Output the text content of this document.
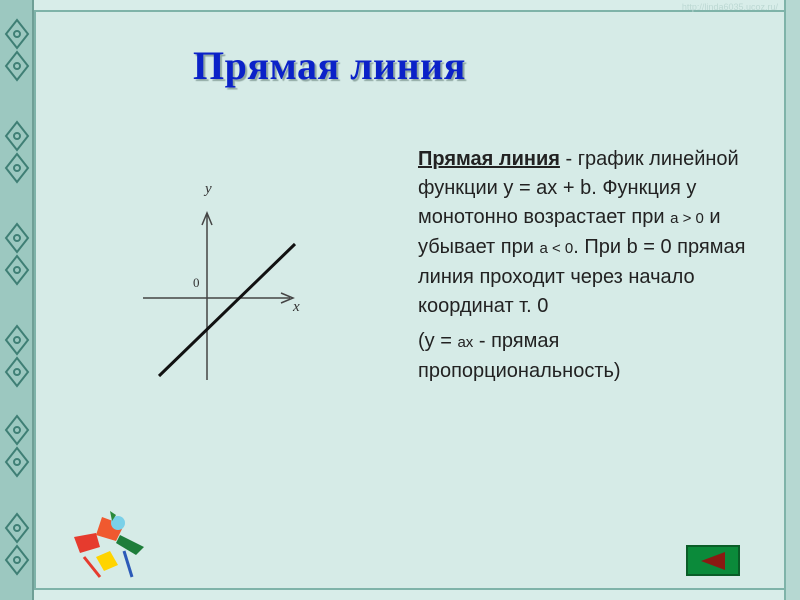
http://linda6035.ucoz.ru/
Прямая линия
y
x
0

Прямая линия - график линейной функции y = ax + b. Функция у монотонно возрастает при a > 0 и убывает при a < 0. При b = 0 прямая линия проходит через начало координат т. 0

(у = ax - прямая пропорциональность)
